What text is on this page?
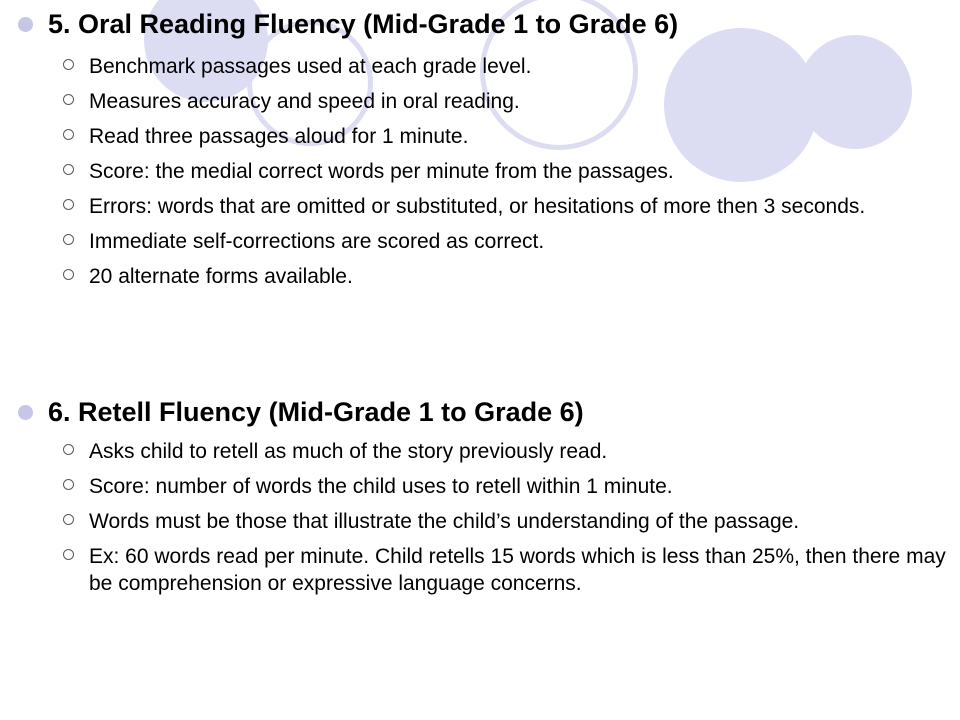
5. Oral Reading Fluency (Mid-Grade 1 to Grade 6)
Benchmark passages used at each grade level.
Measures accuracy and speed in oral reading.
Read three passages aloud for 1 minute.
Score: the medial correct words per minute from the passages.
Errors: words that are omitted or substituted, or hesitations of more then 3 seconds.
Immediate self-corrections are scored as correct.
20 alternate forms available.
6. Retell Fluency (Mid-Grade 1 to Grade 6)
Asks child to retell as much of the story previously read.
Score: number of words the child uses to retell within 1 minute.
Words must be those that illustrate the child’s understanding of the passage.
Ex: 60 words read per minute. Child retells 15 words which is less than 25%, then there may be comprehension or expressive language concerns.
